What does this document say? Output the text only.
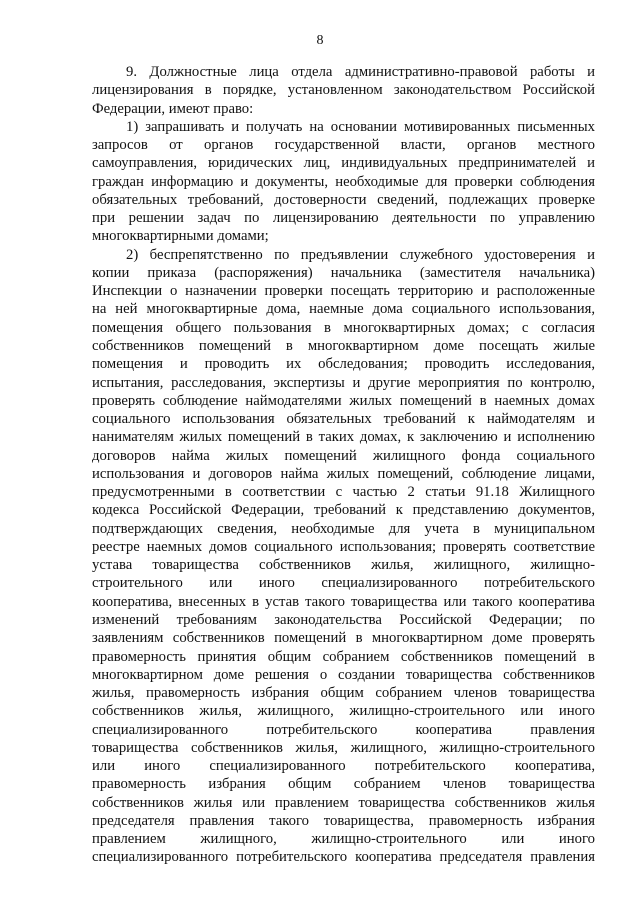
8
9. Должностные лица отдела административно-правовой работы и
лицензирования в порядке, установленном законодательством Российской
Федерации, имеют право:
1) запрашивать и получать на основании мотивированных письменных
запросов от органов государственной власти, органов местного
самоуправления, юридических лиц, индивидуальных предпринимателей и
граждан информацию и документы, необходимые для проверки соблюдения
обязательных требований, достоверности сведений, подлежащих проверке
при решении задач по лицензированию деятельности по управлению
многоквартирными домами;
2) беспрепятственно по предъявлении служебного удостоверения и
копии приказа (распоряжения) начальника (заместителя начальника)
Инспекции о назначении проверки посещать территорию и расположенные
на ней многоквартирные дома, наемные дома социального использования,
помещения общего пользования в многоквартирных домах; с согласия
собственников помещений в многоквартирном доме посещать жилые
помещения и проводить их обследования; проводить исследования,
испытания, расследования, экспертизы и другие мероприятия по контролю,
проверять соблюдение наймодателями жилых помещений в наемных домах
социального использования обязательных требований к наймодателям и
нанимателям жилых помещений в таких домах, к заключению и исполнению
договоров найма жилых помещений жилищного фонда социального
использования и договоров найма жилых помещений, соблюдение лицами,
предусмотренными в соответствии с частью 2 статьи 91.18 Жилищного
кодекса Российской Федерации, требований к представлению документов,
подтверждающих сведения, необходимые для учета в муниципальном
реестре наемных домов социального использования; проверять соответствие
устава товарищества собственников жилья, жилищного, жилищно-
строительного или иного специализированного потребительского
кооператива, внесенных в устав такого товарищества или такого кооператива
изменений требованиям законодательства Российской Федерации; по
заявлениям собственников помещений в многоквартирном доме проверять
правомерность принятия общим собранием собственников помещений в
многоквартирном доме решения о создании товарищества собственников
жилья, правомерность избрания общим собранием членов товарищества
собственников жилья, жилищного, жилищно-строительного или иного
специализированного потребительского кооператива правления
товарищества собственников жилья, жилищного, жилищно-строительного
или иного специализированного потребительского кооператива,
правомерность избрания общим собранием членов товарищества
собственников жилья или правлением товарищества собственников жилья
председателя правления такого товарищества, правомерность избрания
правлением жилищного, жилищно-строительного или иного
специализированного потребительского кооператива председателя правления
